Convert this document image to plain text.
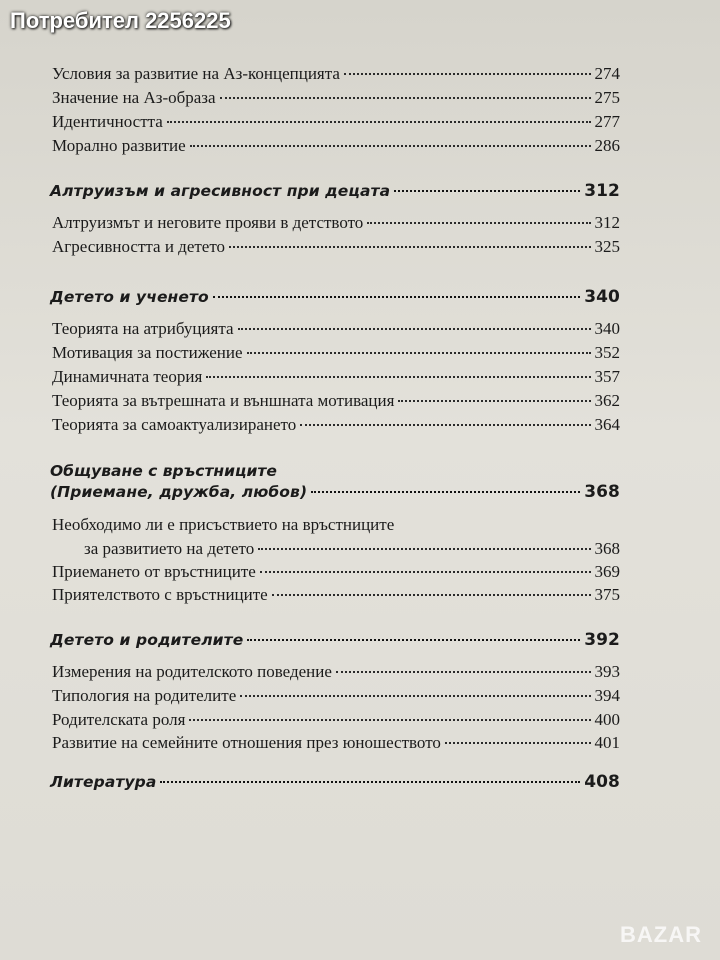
Потребител 2256225
Условия за развитие на Аз-концепцията	274
Значение на Аз-образа	275
Идентичността	277
Морално развитие	286
Алтруизъм и агресивност при децата	312
Алтруизмът и неговите прояви в детството	312
Агресивността и детето	325
Детето и ученето	340
Теорията на атрибуцията	340
Мотивация за постижение	352
Динамичната теория	357
Теорията за вътрешната и външната мотивация	362
Теорията за самоактуализирането	364
Общуване с връстниците
(Приемане, дружба, любов)	368
Необходимо ли е присъствието на връстниците
за развитието на детето	368
Приемането от връстниците	369
Приятелството с връстниците	375
Детето и родителите	392
Измерения на родителското поведение	393
Типология на родителите	394
Родителската роля	400
Развитие на семейните отношения през юношеството	401
Литература	408
BAZAR
